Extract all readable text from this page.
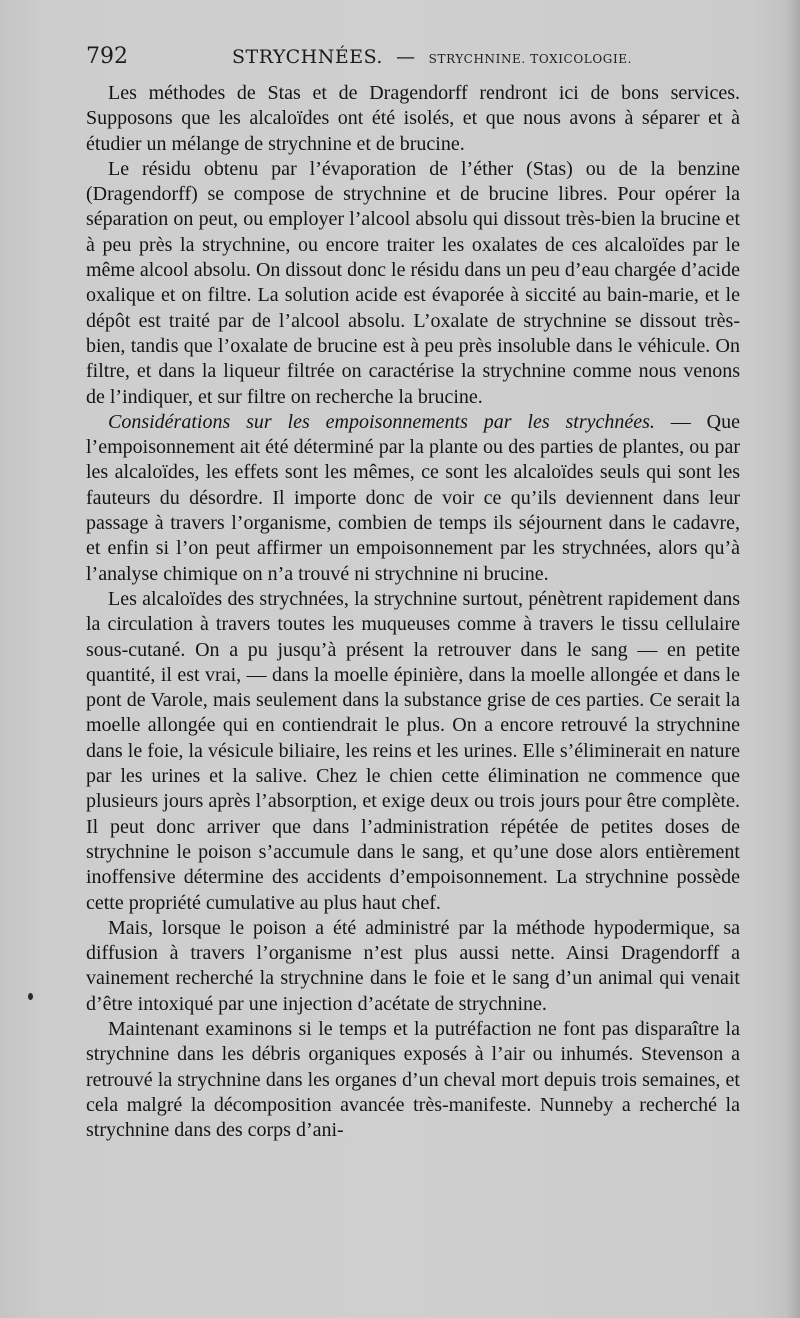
792	STRYCHNÉES. — STRYCHNINE. TOXICOLOGIE.

Les méthodes de Stas et de Dragendorff rendront ici de bons services. Supposons que les alcaloïdes ont été isolés, et que nous avons à séparer et à étudier un mélange de strychnine et de brucine.

Le résidu obtenu par l’évaporation de l’éther (Stas) ou de la benzine (Dragendorff) se compose de strychnine et de brucine libres. Pour opérer la séparation on peut, ou employer l’alcool absolu qui dissout très-bien la brucine et à peu près la strychnine, ou encore traiter les oxalates de ces alcaloïdes par le même alcool absolu. On dissout donc le résidu dans un peu d’eau chargée d’acide oxalique et on filtre. La solution acide est évaporée à siccité au bain-marie, et le dépôt est traité par de l’alcool absolu. L’oxalate de strychnine se dissout très-bien, tandis que l’oxalate de brucine est à peu près insoluble dans le véhicule. On filtre, et dans la liqueur filtrée on caractérise la strychnine comme nous venons de l’indiquer, et sur filtre on recherche la brucine.

Considérations sur les empoisonnements par les strychnées. — Que l’empoisonnement ait été déterminé par la plante ou des parties de plantes, ou par les alcaloïdes, les effets sont les mêmes, ce sont les alcaloïdes seuls qui sont les fauteurs du désordre. Il importe donc de voir ce qu’ils deviennent dans leur passage à travers l’organisme, combien de temps ils séjournent dans le cadavre, et enfin si l’on peut affirmer un empoisonnement par les strychnées, alors qu’à l’analyse chimique on n’a trouvé ni strychnine ni brucine.

Les alcaloïdes des strychnées, la strychnine surtout, pénètrent rapidement dans la circulation à travers toutes les muqueuses comme à travers le tissu cellulaire sous-cutané. On a pu jusqu’à présent la retrouver dans le sang — en petite quantité, il est vrai, — dans la moelle épinière, dans la moelle allongée et dans le pont de Varole, mais seulement dans la substance grise de ces parties. Ce serait la moelle allongée qui en contiendrait le plus. On a encore retrouvé la strychnine dans le foie, la vésicule biliaire, les reins et les urines. Elle s’éliminerait en nature par les urines et la salive. Chez le chien cette élimination ne commence que plusieurs jours après l’absorption, et exige deux ou trois jours pour être complète. Il peut donc arriver que dans l’administration répétée de petites doses de strychnine le poison s’accumule dans le sang, et qu’une dose alors entièrement inoffensive détermine des accidents d’empoisonnement. La strychnine possède cette propriété cumulative au plus haut chef.

Mais, lorsque le poison a été administré par la méthode hypodermique, sa diffusion à travers l’organisme n’est plus aussi nette. Ainsi Dragendorff a vainement recherché la strychnine dans le foie et le sang d’un animal qui venait d’être intoxiqué par une injection d’acétate de strychnine.

Maintenant examinons si le temps et la putréfaction ne font pas disparaître la strychnine dans les débris organiques exposés à l’air ou inhumés. Stevenson a retrouvé la strychnine dans les organes d’un cheval mort depuis trois semaines, et cela malgré la décomposition avancée très-manifeste. Nunneby a recherché la strychnine dans des corps d’ani-
